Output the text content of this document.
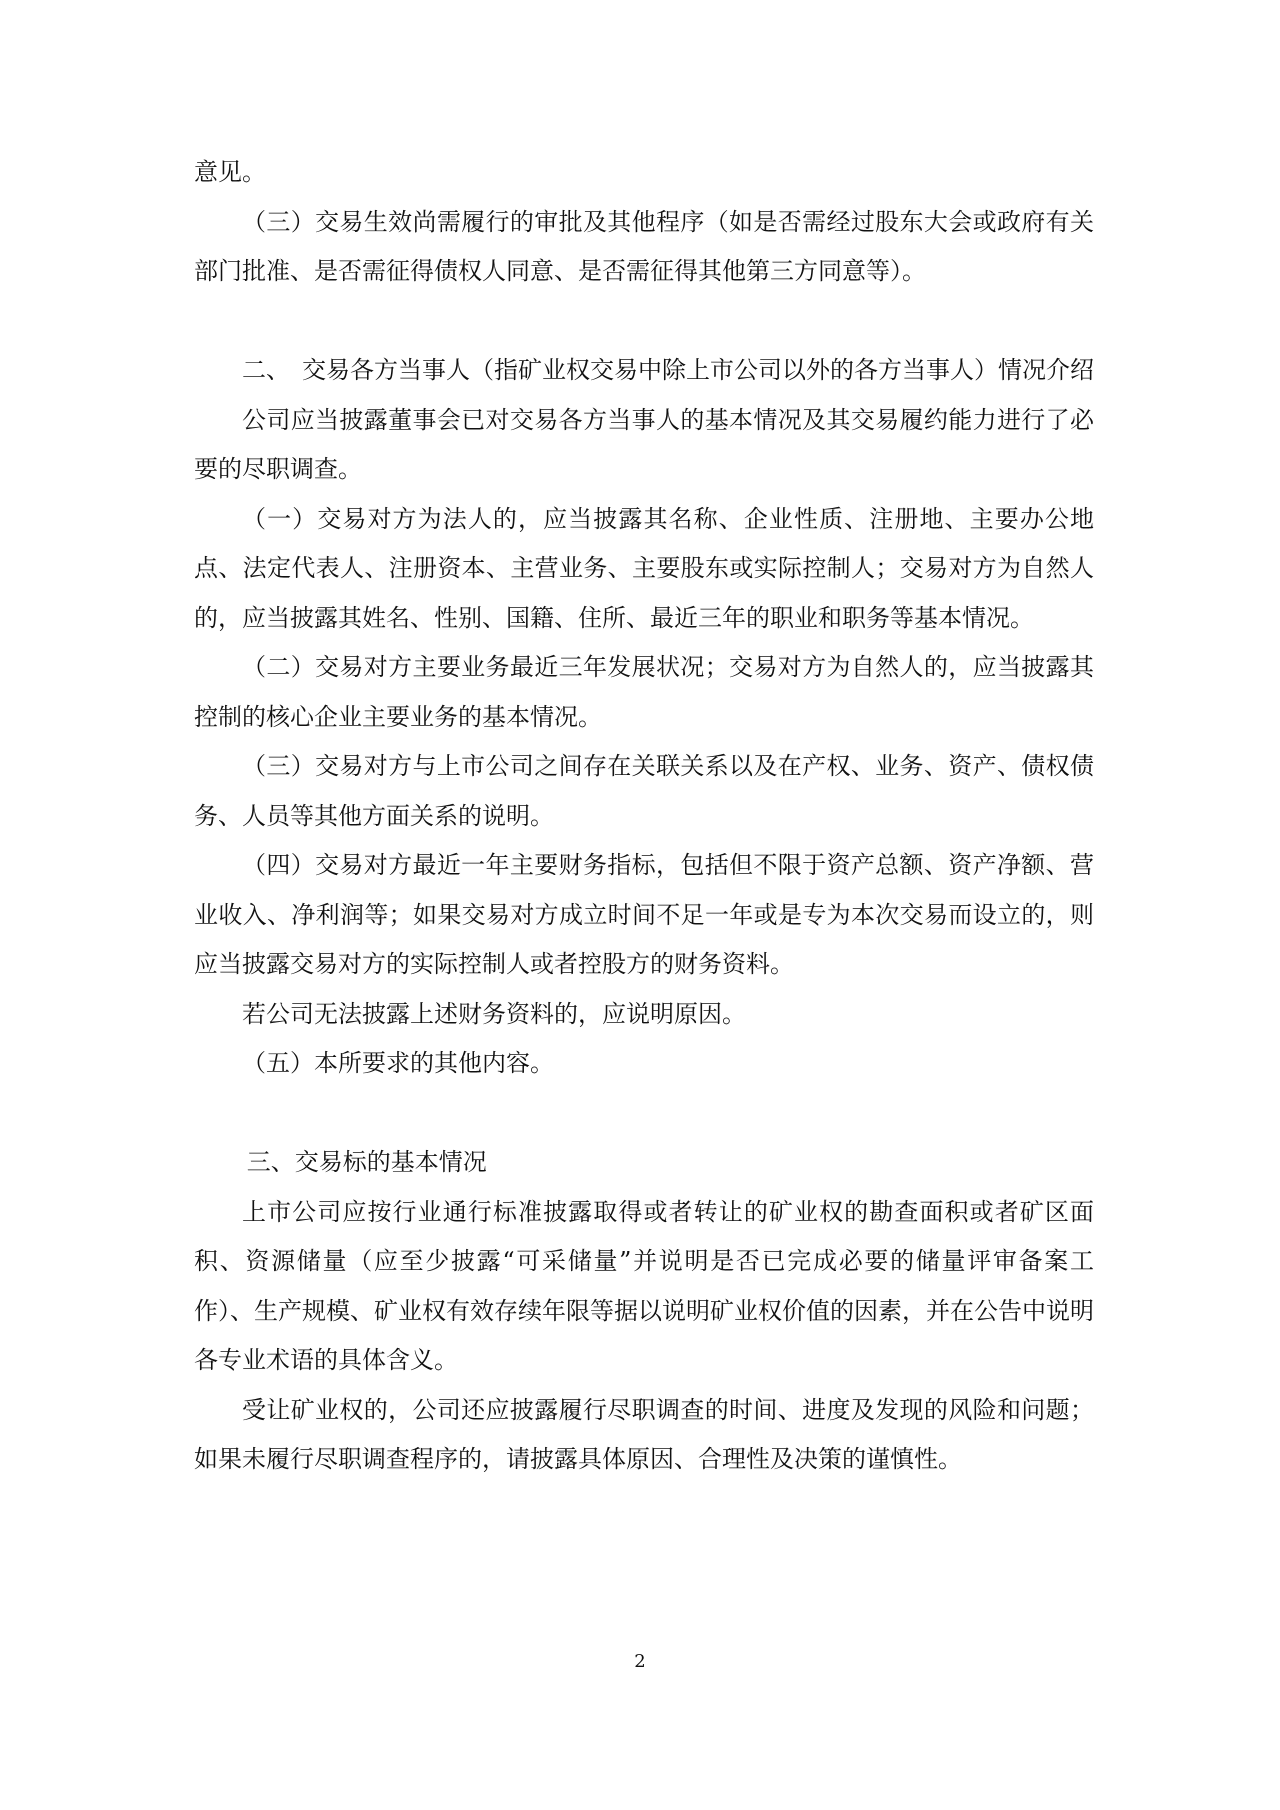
意见。

（三）交易生效尚需履行的审批及其他程序（如是否需经过股东大会或政府有关部门批准、是否需征得债权人同意、是否需征得其他第三方同意等）。

二、　交易各方当事人（指矿业权交易中除上市公司以外的各方当事人）情况介绍

公司应当披露董事会已对交易各方当事人的基本情况及其交易履约能力进行了必要的尽职调查。

（一）交易对方为法人的，应当披露其名称、企业性质、注册地、主要办公地点、法定代表人、注册资本、主营业务、主要股东或实际控制人；交易对方为自然人的，应当披露其姓名、性别、国籍、住所、最近三年的职业和职务等基本情况。

（二）交易对方主要业务最近三年发展状况；交易对方为自然人的，应当披露其控制的核心企业主要业务的基本情况。

（三）交易对方与上市公司之间存在关联关系以及在产权、业务、资产、债权债务、人员等其他方面关系的说明。

（四）交易对方最近一年主要财务指标，包括但不限于资产总额、资产净额、营业收入、净利润等；如果交易对方成立时间不足一年或是专为本次交易而设立的，则应当披露交易对方的实际控制人或者控股方的财务资料。

若公司无法披露上述财务资料的，应说明原因。

（五）本所要求的其他内容。

三、交易标的基本情况

上市公司应按行业通行标准披露取得或者转让的矿业权的勘查面积或者矿区面积、资源储量（应至少披露“可采储量”并说明是否已完成必要的储量评审备案工作）、生产规模、矿业权有效存续年限等据以说明矿业权价值的因素，并在公告中说明各专业术语的具体含义。

受让矿业权的，公司还应披露履行尽职调查的时间、进度及发现的风险和问题；如果未履行尽职调查程序的，请披露具体原因、合理性及决策的谨慎性。

2
